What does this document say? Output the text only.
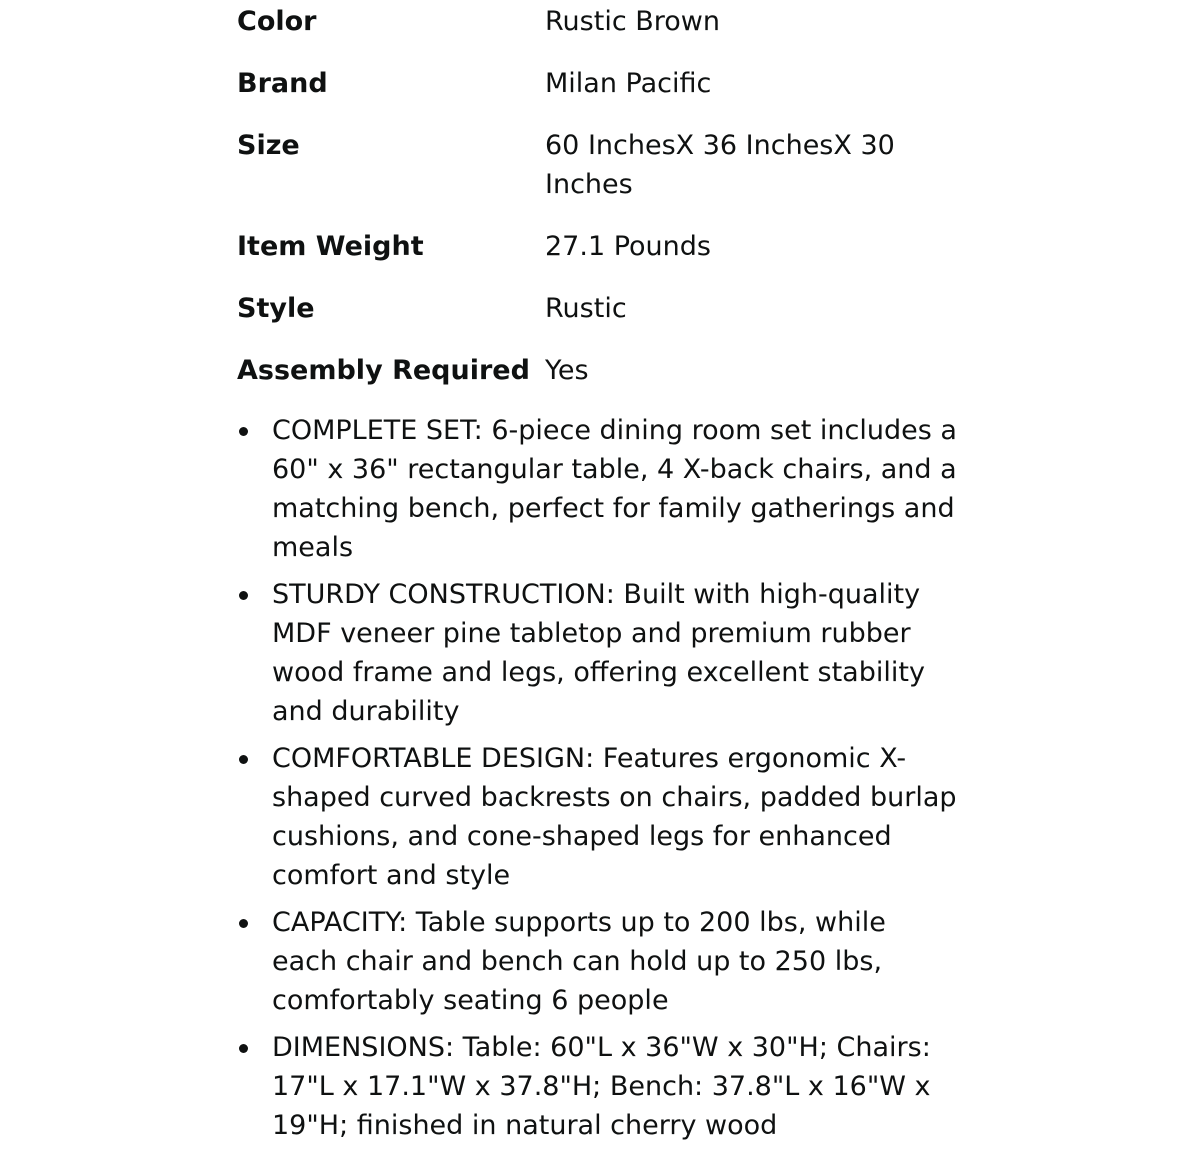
Color	Rustic Brown
Brand	Milan Pacific
Size	60 InchesX 36 InchesX 30 Inches
Item Weight	27.1 Pounds
Style	Rustic
Assembly Required	Yes
COMPLETE SET: 6-piece dining room set includes a 60" x 36" rectangular table, 4 X-back chairs, and a matching bench, perfect for family gatherings and meals
STURDY CONSTRUCTION: Built with high-quality MDF veneer pine tabletop and premium rubber wood frame and legs, offering excellent stability and durability
COMFORTABLE DESIGN: Features ergonomic X-shaped curved backrests on chairs, padded burlap cushions, and cone-shaped legs for enhanced comfort and style
CAPACITY: Table supports up to 200 lbs, while each chair and bench can hold up to 250 lbs, comfortably seating 6 people
DIMENSIONS: Table: 60"L x 36"W x 30"H; Chairs: 17"L x 17.1"W x 37.8"H; Bench: 37.8"L x 16"W x 19"H; finished in natural cherry wood
